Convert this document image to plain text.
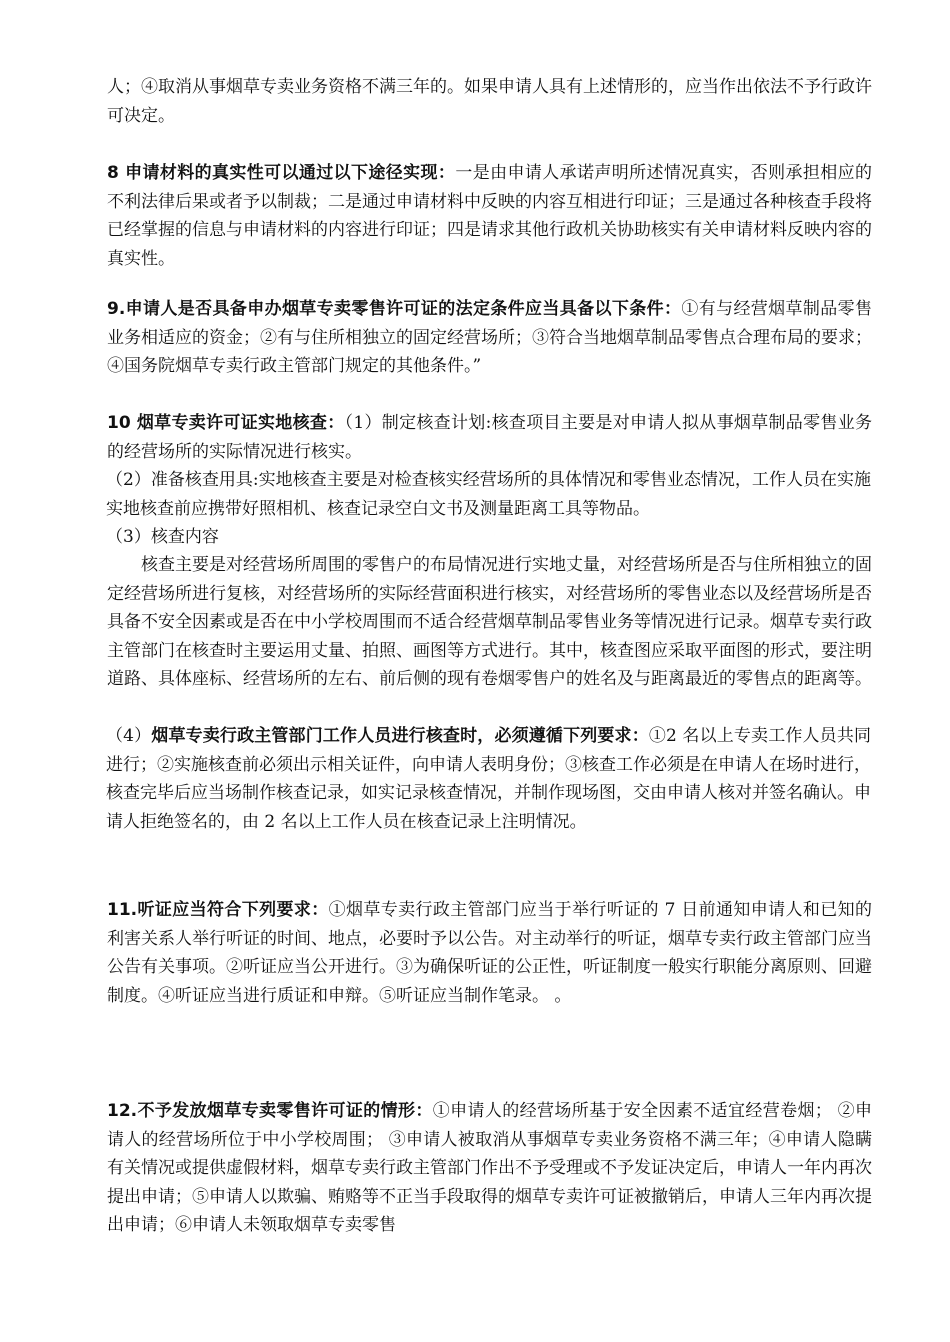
人；④取消从事烟草专卖业务资格不满三年的。如果申请人具有上述情形的，应当作出依法不予行政许可决定。

8 申请材料的真实性可以通过以下途径实现：一是由申请人承诺声明所述情况真实，否则承担相应的不利法律后果或者予以制裁；二是通过申请材料中反映的内容互相进行印证；三是通过各种核查手段将已经掌握的信息与申请材料的内容进行印证；四是请求其他行政机关协助核实有关申请材料反映内容的真实性。

9.申请人是否具备申办烟草专卖零售许可证的法定条件应当具备以下条件：①有与经营烟草制品零售业务相适应的资金；②有与住所相独立的固定经营场所；③符合当地烟草制品零售点合理布局的要求；④国务院烟草专卖行政主管部门规定的其他条件。”

10 烟草专卖许可证实地核查：（1）制定核查计划:核查项目主要是对申请人拟从事烟草制品零售业务的经营场所的实际情况进行核实。

（2）准备核查用具:实地核查主要是对检查核实经营场所的具体情况和零售业态情况，工作人员在实施实地核查前应携带好照相机、核查记录空白文书及测量距离工具等物品。

（3）核查内容

核查主要是对经营场所周围的零售户的布局情况进行实地丈量，对经营场所是否与住所相独立的固定经营场所进行复核，对经营场所的实际经营面积进行核实，对经营场所的零售业态以及经营场所是否具备不安全因素或是否在中小学校周围而不适合经营烟草制品零售业务等情况进行记录。烟草专卖行政主管部门在核查时主要运用丈量、拍照、画图等方式进行。其中，核查图应采取平面图的形式，要注明道路、具体座标、经营场所的左右、前后侧的现有卷烟零售户的姓名及与距离最近的零售点的距离等。

（4）烟草专卖行政主管部门工作人员进行核查时，必须遵循下列要求：①2 名以上专卖工作人员共同进行；②实施核查前必须出示相关证件，向申请人表明身份；③核查工作必须是在申请人在场时进行，核查完毕后应当场制作核查记录，如实记录核查情况，并制作现场图，交由申请人核对并签名确认。申请人拒绝签名的，由 2 名以上工作人员在核查记录上注明情况。

11.听证应当符合下列要求：①烟草专卖行政主管部门应当于举行听证的 7 日前通知申请人和已知的利害关系人举行听证的时间、地点，必要时予以公告。对主动举行的听证，烟草专卖行政主管部门应当公告有关事项。②听证应当公开进行。③为确保听证的公正性，听证制度一般实行职能分离原则、回避制度。④听证应当进行质证和申辩。⑤听证应当制作笔录。 。

12.不予发放烟草专卖零售许可证的情形：①申请人的经营场所基于安全因素不适宜经营卷烟； ②申请人的经营场所位于中小学校周围； ③申请人被取消从事烟草专卖业务资格不满三年；④申请人隐瞒有关情况或提供虚假材料，烟草专卖行政主管部门作出不予受理或不予发证决定后，申请人一年内再次提出申请；⑤申请人以欺骗、贿赂等不正当手段取得的烟草专卖许可证被撤销后，申请人三年内再次提出申请；⑥申请人未领取烟草专卖零售
